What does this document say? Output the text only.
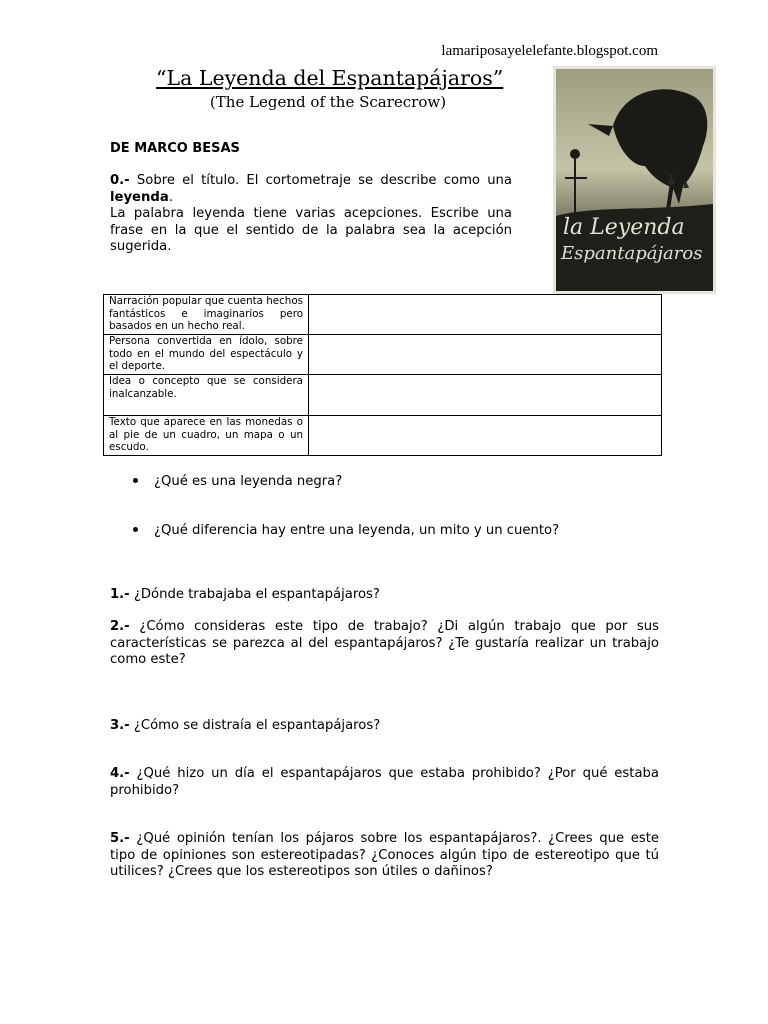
lamariposayelelefante.blogspot.com
“La Leyenda del Espantapájaros”
(The Legend of the Scarecrow)
la Leyenda
Espantapájaros
DE MARCO BESAS
0.- Sobre el título. El cortometraje se describe como una leyenda.
La palabra leyenda tiene varias acepciones. Escribe una frase en la que el sentido de la palabra sea la acepción sugerida.
Narración popular que cuenta hechos fantásticos e imaginarios pero basados en un hecho real.	
Persona convertida en ídolo, sobre todo en el mundo del espectáculo y el deporte.	
Idea o concepto que se considera inalcanzable.	
Texto que aparece en las monedas o al pie de un cuadro, un mapa o un escudo.	
¿Qué es una leyenda negra?
¿Qué diferencia hay entre una leyenda, un mito y un cuento?
1.- ¿Dónde trabajaba el espantapájaros?
2.- ¿Cómo consideras este tipo de trabajo? ¿Di algún trabajo que por sus características se parezca al del espantapájaros? ¿Te gustaría realizar un trabajo como este?
3.- ¿Cómo se distraía el espantapájaros?
4.- ¿Qué hizo un día el espantapájaros que estaba prohibido? ¿Por qué estaba prohibido?
5.- ¿Qué opinión tenían los pájaros sobre los espantapájaros?. ¿Crees que este tipo de opiniones son estereotipadas? ¿Conoces algún tipo de estereotipo que tú utilices? ¿Crees que los estereotipos son útiles o dañinos?
